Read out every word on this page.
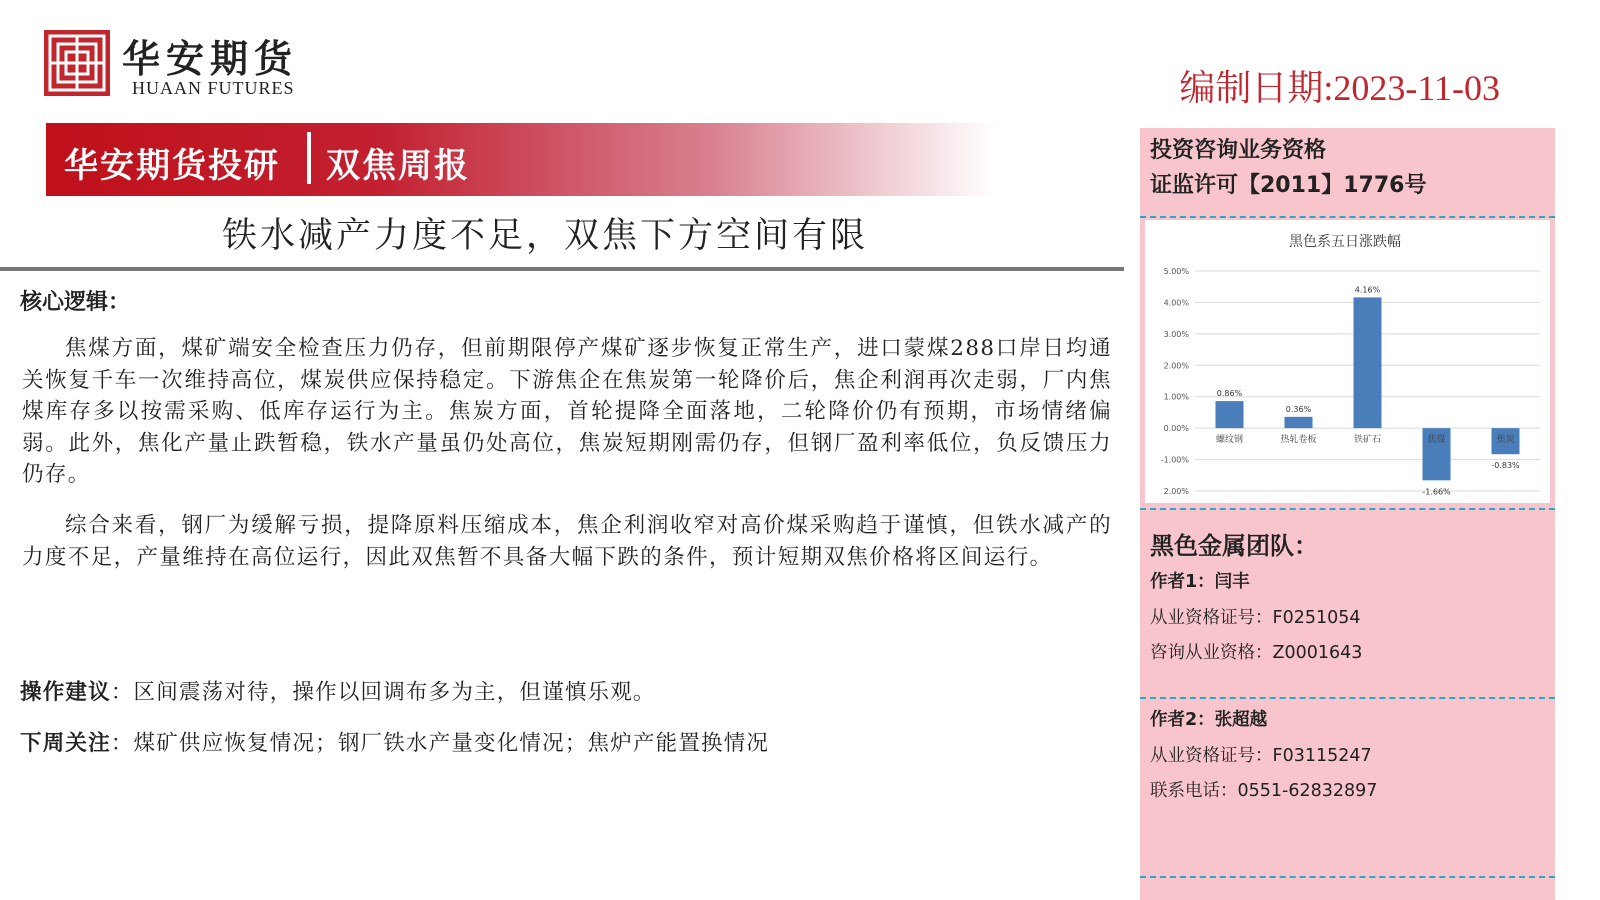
华安期货
HUAAN FUTURES	编制日期:2023-11-03
华安期货投研 双焦周报
铁水减产力度不足，双焦下方空间有限
核心逻辑：
焦煤方面，煤矿端安全检查压力仍存，但前期限停产煤矿逐步恢复正常生产，进口蒙煤288口岸日均通关恢复千车一次维持高位，煤炭供应保持稳定。下游焦企在焦炭第一轮降价后，焦企利润再次走弱，厂内焦煤库存多以按需采购、低库存运行为主。焦炭方面，首轮提降全面落地，二轮降价仍有预期，市场情绪偏弱。此外，焦化产量止跌暂稳，铁水产量虽仍处高位，焦炭短期刚需仍存，但钢厂盈利率低位，负反馈压力仍存。
综合来看，钢厂为缓解亏损，提降原料压缩成本，焦企利润收窄对高价煤采购趋于谨慎，但铁水减产的力度不足，产量维持在高位运行，因此双焦暂不具备大幅下跌的条件，预计短期双焦价格将区间运行。
操作建议：区间震荡对待，操作以回调布多为主，但谨慎乐观。
下周关注：煤矿供应恢复情况；钢厂铁水产量变化情况；焦炉产能置换情况
投资咨询业务资格
证监许可【2011】1776号
黑色系五日涨跌幅
5.00%
4.00%
3.00%
2.00%
1.00%
0.00%
-1.00%
2.00%
0.86%
螺纹钢
0.36%
热轧卷板
4.16%
铁矿石
-1.66%
焦煤
-0.83%
焦炭
黑色金属团队：
作者1：闫丰
从业资格证号：F0251054
咨询从业资格：Z0001643
作者2：张超越
从业资格证号：F03115247
联系电话：0551-62832897
